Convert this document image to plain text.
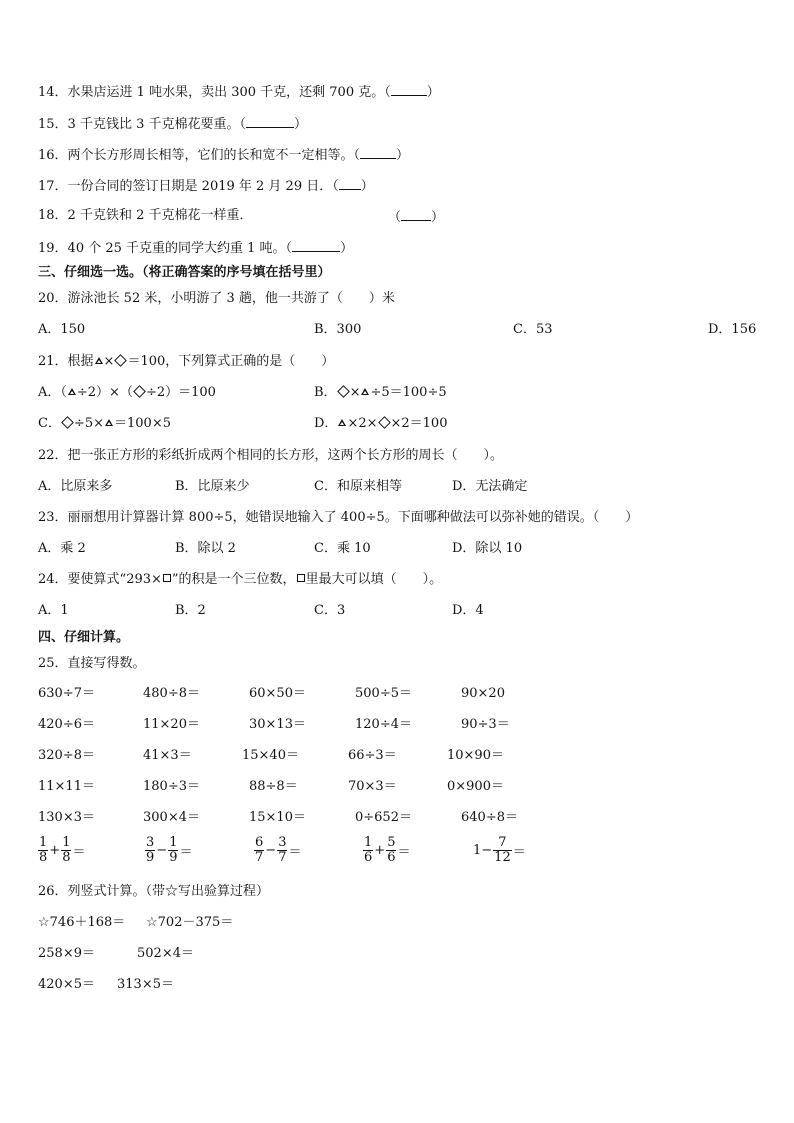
14．水果店运进 1 吨水果，卖出 300 千克，还剩 700 克。（	）
15．3 千克钱比 3 千克棉花要重。（	）
16．两个长方形周长相等，它们的长和宽不一定相等。（	）
17．一份合同的签订日期是 2019 年 2 月 29 日．（ ）
18．2 千克铁和 2 千克棉花一样重．	（ ）
19．40 个 25 千克重的同学大约重 1 吨。（	）
三、仔细选一选。（将正确答案的序号填在括号里）
20．游泳池长 52 米，小明游了 3 趟，他一共游了（　　）米
A．150	B．300	C．53	D．156
21．根据 × ＝100，下列算式正确的是（　　）
A．（ ÷2）×（ ÷2）＝100	B． × ÷5＝100÷5
C． ÷5× ＝100×5	D． ×2× ×2＝100
22．把一张正方形的彩纸折成两个相同的长方形，这两个长方形的周长（　　）。
A．比原来多	B．比原来少	C．和原来相等	D．无法确定
23．丽丽想用计算器计算 800÷5，她错误地输入了 400÷5。下面哪种做法可以弥补她的错误。（　　）
A．乘 2	B．除以 2	C．乘 10	D．除以 10
24．要使算式“293× ”的积是一个三位数， 里最大可以填（　　）。
A．1	B．2	C．3	D．4
四、仔细计算。
25．直接写得数。
630÷7＝	480÷8＝	60×50＝	500÷5＝	90×20
420÷6＝	11×20＝	30×13＝	120÷4＝	90÷3＝
320÷8＝	41×3＝	15×40＝	66÷3＝	10×90＝
11×11＝	180÷3＝	88÷8＝	70×3＝	0×900＝
130×3＝	300×4＝	15×10＝	0÷652＝	640÷8＝
$\frac{1}{8} + \frac{1}{8}$ ＝	$\frac{3}{9} - \frac{1}{9}$ ＝	$\frac{6}{7} - \frac{3}{7}$ ＝	$\frac{1}{6} + \frac{5}{6}$ ＝	$1- \frac{7}{12}$ ＝
26．列竖式计算。（带☆写出验算过程）
☆746＋168＝ ☆702－375＝
258×9＝	502×4＝
420×5＝ 313×5＝
